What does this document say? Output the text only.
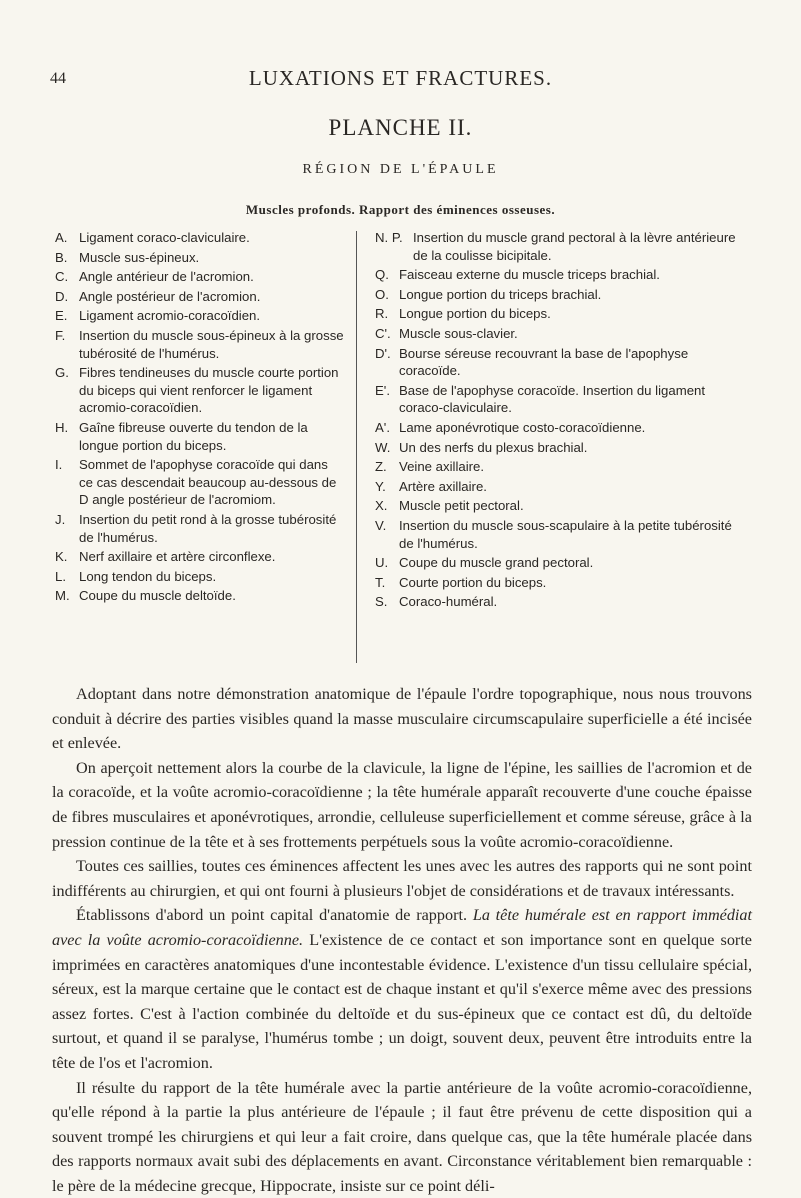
44	LUXATIONS ET FRACTURES.
PLANCHE II.
RÉGION DE L'ÉPAULE
Muscles profonds. Rapport des éminences osseuses.
A. Ligament coraco-claviculaire.
B. Muscle sus-épineux.
C. Angle antérieur de l'acromion.
D. Angle postérieur de l'acromion.
E. Ligament acromio-coracoïdien.
F. Insertion du muscle sous-épineux à la grosse tubérosité de l'humérus.
G. Fibres tendineuses du muscle courte portion du biceps qui vient renforcer le ligament acromio-coracoïdien.
H. Gaîne fibreuse ouverte du tendon de la longue portion du biceps.
I. Sommet de l'apophyse coracoïde qui dans ce cas descendait beaucoup au-dessous de D angle postérieur de l'acromiom.
J. Insertion du petit rond à la grosse tubérosité de l'humérus.
K. Nerf axillaire et artère circonflexe.
L. Long tendon du biceps.
M. Coupe du muscle deltoïde.
N. P. Insertion du muscle grand pectoral à la lèvre antérieure de la coulisse bicipitale.
Q. Faisceau externe du muscle triceps brachial.
O. Longue portion du triceps brachial.
R. Longue portion du biceps.
C'. Muscle sous-clavier.
D'. Bourse séreuse recouvrant la base de l'apophyse coracoïde.
E'. Base de l'apophyse coracoïde. Insertion du ligament coraco-claviculaire.
A'. Lame aponévrotique costo-coracoïdienne.
W. Un des nerfs du plexus brachial.
Z. Veine axillaire.
Y. Artère axillaire.
X. Muscle petit pectoral.
V. Insertion du muscle sous-scapulaire à la petite tubérosité de l'humérus.
U. Coupe du muscle grand pectoral.
T. Courte portion du biceps.
S. Coraco-huméral.

Adoptant dans notre démonstration anatomique de l'épaule l'ordre topographique, nous nous trouvons conduit à décrire des parties visibles quand la masse musculaire circumscapulaire superficielle a été incisée et enlevée.

On aperçoit nettement alors la courbe de la clavicule, la ligne de l'épine, les saillies de l'acromion et de la coracoïde, et la voûte acromio-coracoïdienne ; la tête humérale apparaît recouverte d'une couche épaisse de fibres musculaires et aponévrotiques, arrondie, celluleuse superficiellement et comme séreuse, grâce à la pression continue de la tête et à ses frottements perpétuels sous la voûte acromio-coracoïdienne.

Toutes ces saillies, toutes ces éminences affectent les unes avec les autres des rapports qui ne sont point indifférents au chirurgien, et qui ont fourni à plusieurs l'objet de considérations et de travaux intéressants.

Établissons d'abord un point capital d'anatomie de rapport. La tête humérale est en rapport immédiat avec la voûte acromio-coracoïdienne. L'existence de ce contact et son importance sont en quelque sorte imprimées en caractères anatomiques d'une incontestable évidence. L'existence d'un tissu cellulaire spécial, séreux, est la marque certaine que le contact est de chaque instant et qu'il s'exerce même avec des pressions assez fortes. C'est à l'action combinée du deltoïde et du sus-épineux que ce contact est dû, du deltoïde surtout, et quand il se paralyse, l'humérus tombe ; un doigt, souvent deux, peuvent être introduits entre la tête de l'os et l'acromion.

Il résulte du rapport de la tête humérale avec la partie antérieure de la voûte acromio-coracoïdienne, qu'elle répond à la partie la plus antérieure de l'épaule ; il faut être prévenu de cette disposition qui a souvent trompé les chirurgiens et qui leur a fait croire, dans quelque cas, que la tête humérale placée dans des rapports normaux avait subi des déplacements en avant. Circonstance véritablement bien remarquable : le père de la médecine grecque, Hippocrate, insiste sur ce point déli-
